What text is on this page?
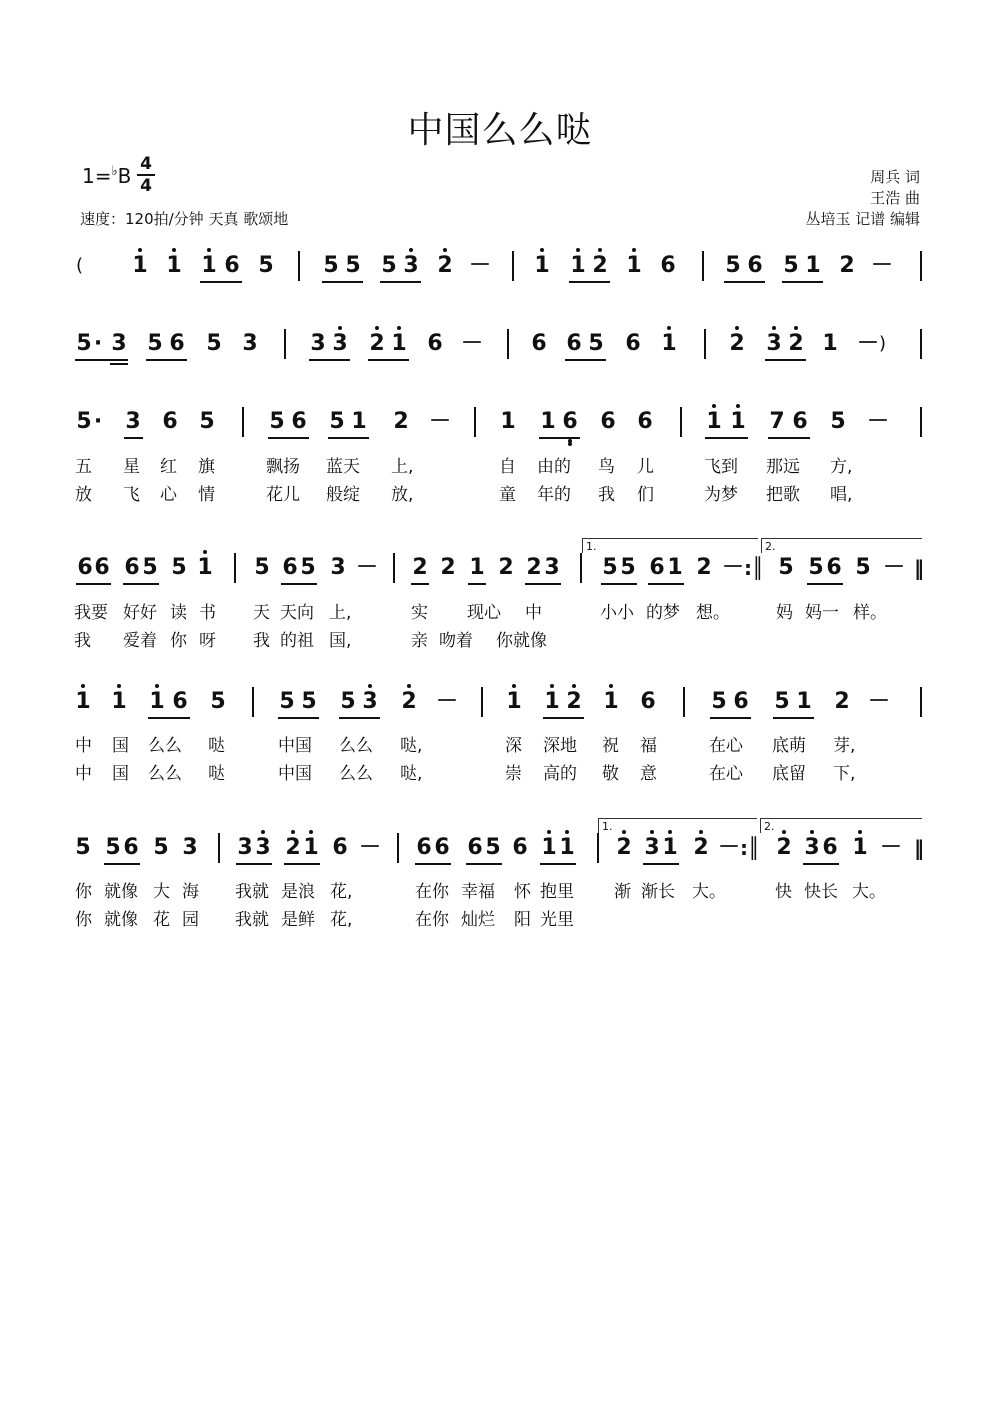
中国么么哒
1=♭B 4
4
速度：120拍/分钟 天真 歌颂地
周兵 词
王浩 曲
丛培玉 记谱 编辑
( 1 1 1 6 5 5 5 5 3 2 － 1 1 2 1 6 5 6 5 1 2 －
5 · 3 5 6 5 3 3 3 2 1 6 － 6 6 5 6 1 2 3 2 1 － )
5 · 3 6 5 5 6 5 1 2 － 1 1 6 6 6 1 1 7 6 5 －
五 星 红 旗	飘扬 蓝天 上,	自 由的 鸟 儿	飞到 那远 方,
放 飞 心 情	花儿 般绽 放,	童 年的 我 们	为梦 把歌 唱,
1.	2.
6 6 6 5 5 1 5 6 5 3 － 2 2 1 2 2 3 5 5 6 1 2 － :║ 5 5 6 5 － ‖
我要 好好 读 书 天 天向 上,	实 现心 中	小小 的梦 想。	妈 妈一 样。
我 爱着 你 呀 我 的祖 国,	亲 吻着 你就像
1 1 1 6 5 5 5 5 3 2 － 1 1 2 1 6	5 6 5 1 2 －
中 国 么么 哒	中国 么么 哒,	深 深地 祝 福	在心 底萌 芽,
中 国 么么 哒	中国 么么 哒,	崇 高的 敬 意	在心 底留 下,
1.	2.
5 5 6 5 3 3 3 2 1 6 － 6 6 6 5 6 1 1 2 3 1 2 － :║ 2 3 6 1 － ‖
你 就像 大 海 我就 是浪 花,	在你 幸福 怀 抱里 渐 渐长 大。	快 快长 大。
你 就像 花 园 我就 是鲜 花,	在你 灿烂 阳 光里
